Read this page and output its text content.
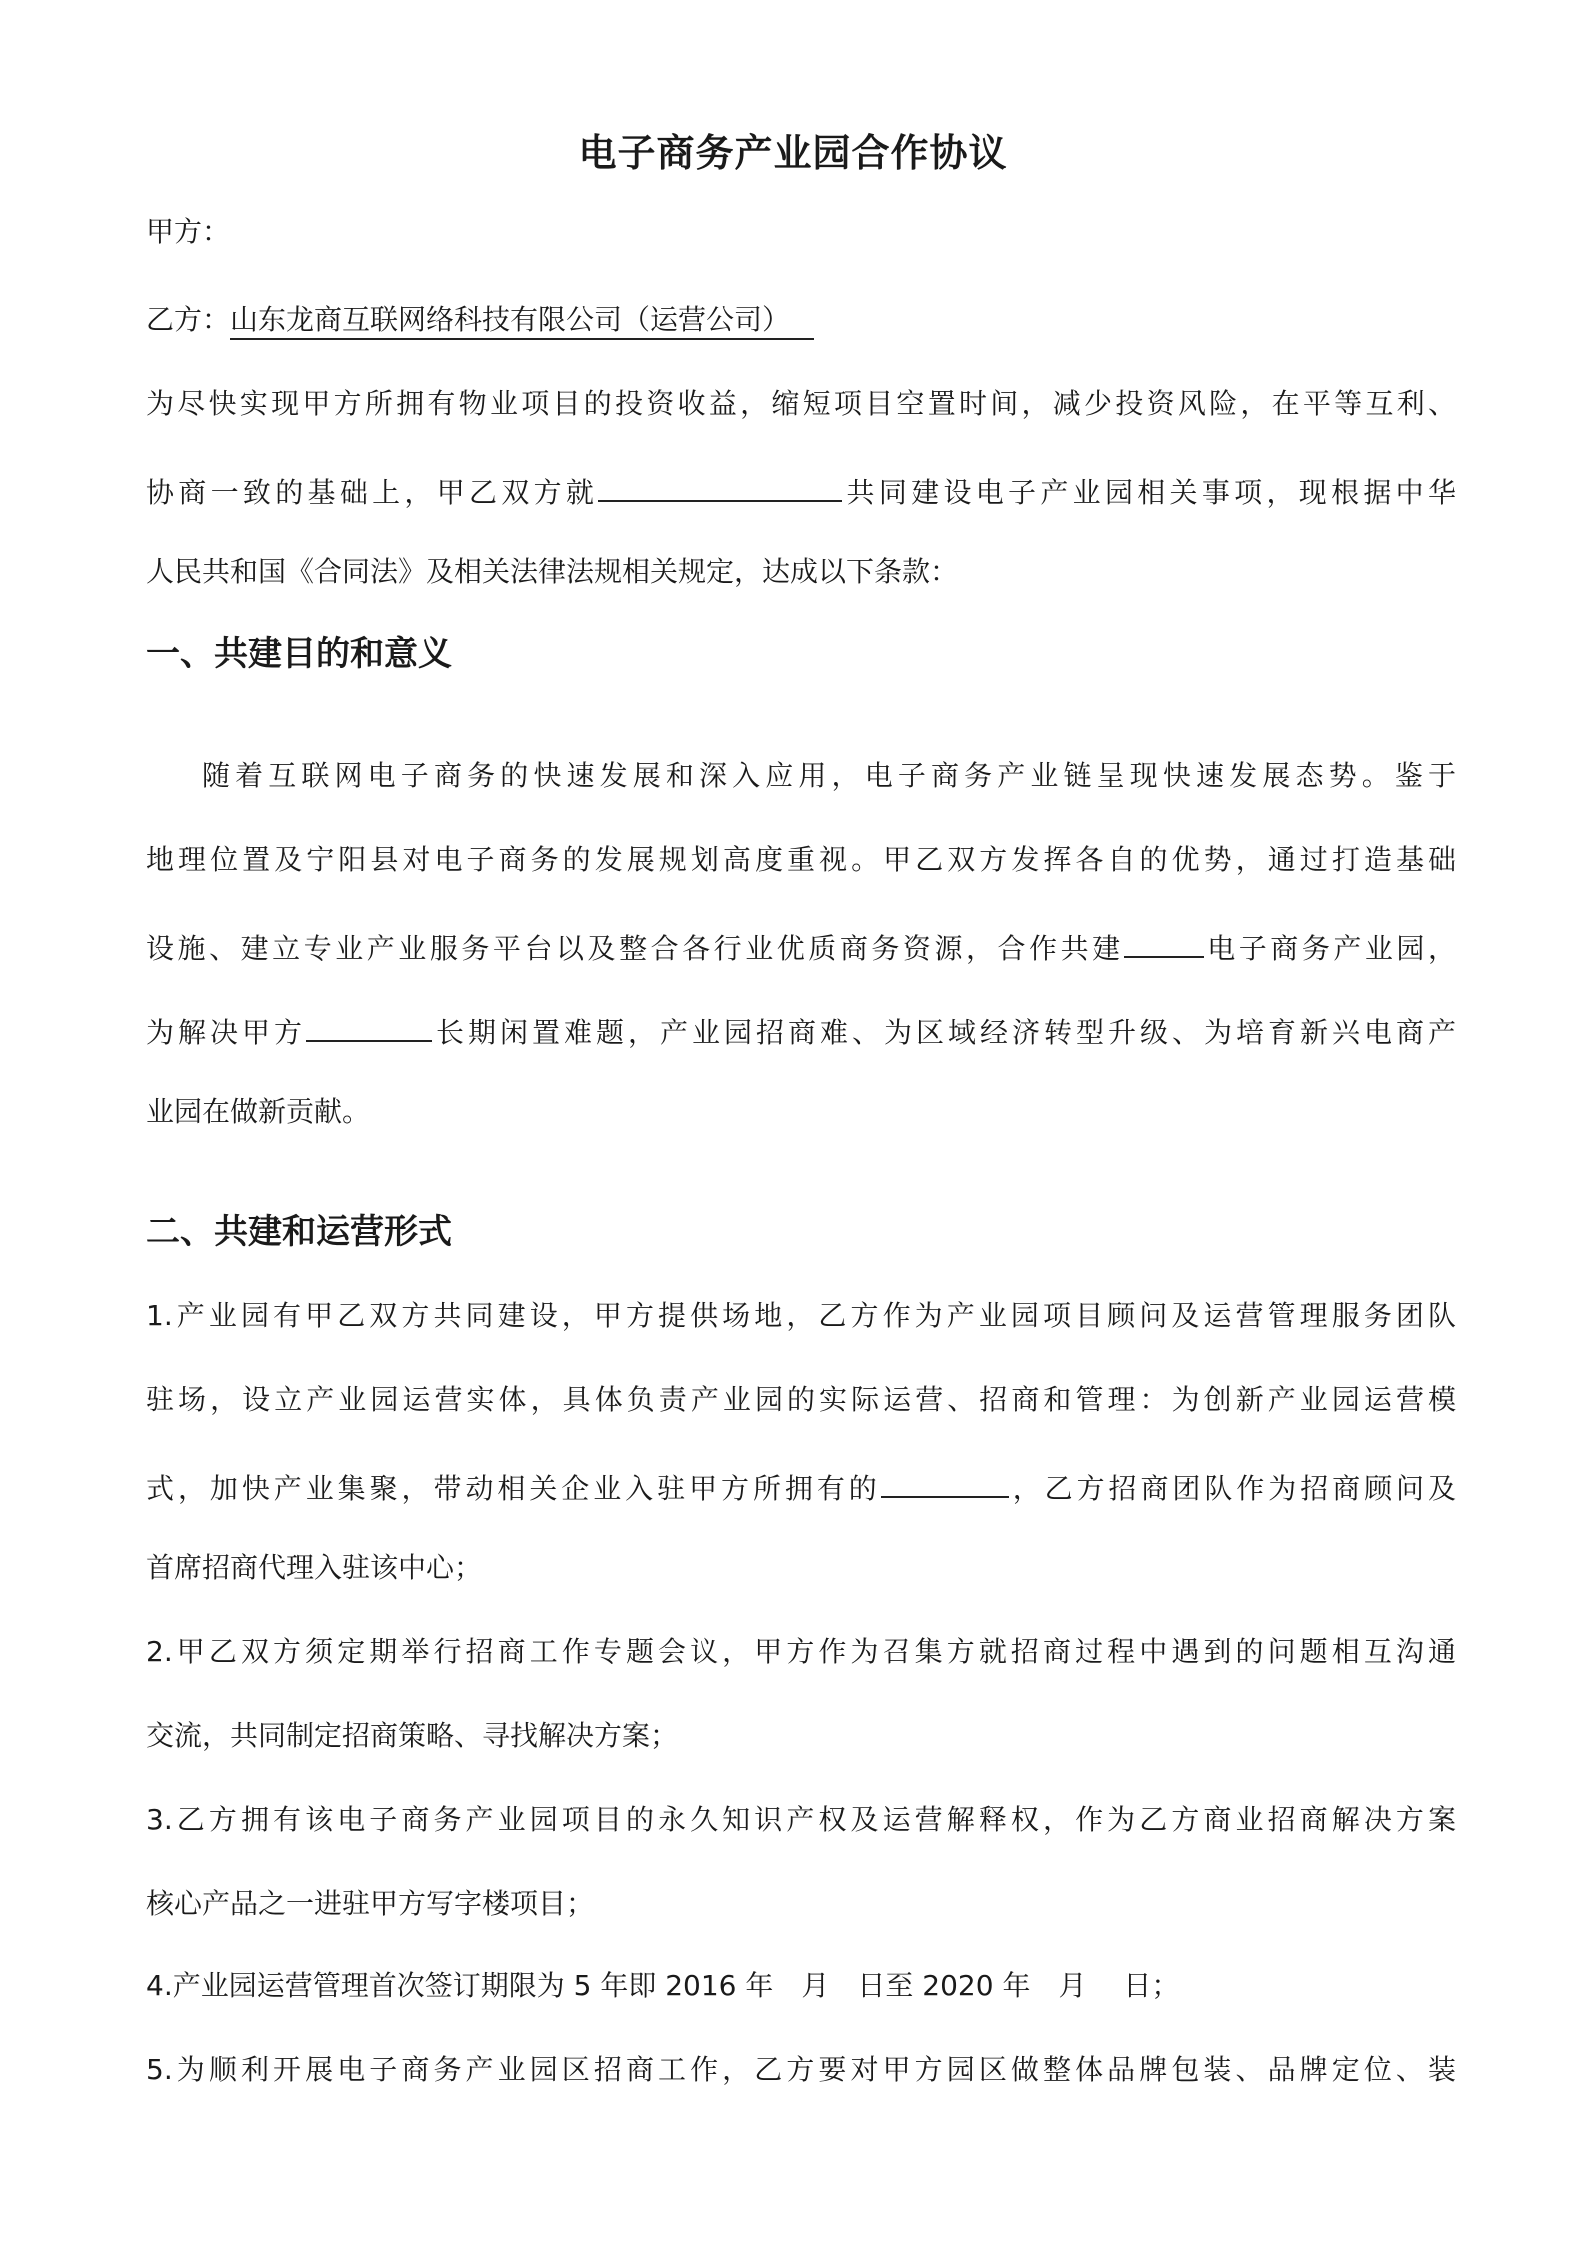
电子商务产业园合作协议
甲方：
乙方：山东龙商互联网络科技有限公司（运营公司）
为尽快实现甲方所拥有物业项目的投资收益，缩短项目空置时间，减少投资风险，在平等互利、
协商一致的基础上，甲乙双方就	共同建设电子产业园相关事项，现根据中华
人民共和国《合同法》及相关法律法规相关规定，达成以下条款：
一、共建目的和意义
随着互联网电子商务的快速发展和深入应用，电子商务产业链呈现快速发展态势。鉴于
地理位置及宁阳县对电子商务的发展规划高度重视。甲乙双方发挥各自的优势，通过打造基础
设施、建立专业产业服务平台以及整合各行业优质商务资源，合作共建	电子商务产业园，
为解决甲方	长期闲置难题，产业园招商难、为区域经济转型升级、为培育新兴电商产
业园在做新贡献。
二、共建和运营形式
1.产业园有甲乙双方共同建设，甲方提供场地，乙方作为产业园项目顾问及运营管理服务团队
驻场，设立产业园运营实体，具体负责产业园的实际运营、招商和管理：为创新产业园运营模
式，加快产业集聚，带动相关企业入驻甲方所拥有的	，乙方招商团队作为招商顾问及
首席招商代理入驻该中心；
2.甲乙双方须定期举行招商工作专题会议，甲方作为召集方就招商过程中遇到的问题相互沟通
交流，共同制定招商策略、寻找解决方案；
3.乙方拥有该电子商务产业园项目的永久知识产权及运营解释权，作为乙方商业招商解决方案
核心产品之一进驻甲方写字楼项目；
4.产业园运营管理首次签订期限为 5 年即 2016 年　月　日至 2020 年　月　 日；
5.为顺利开展电子商务产业园区招商工作，乙方要对甲方园区做整体品牌包装、品牌定位、装
